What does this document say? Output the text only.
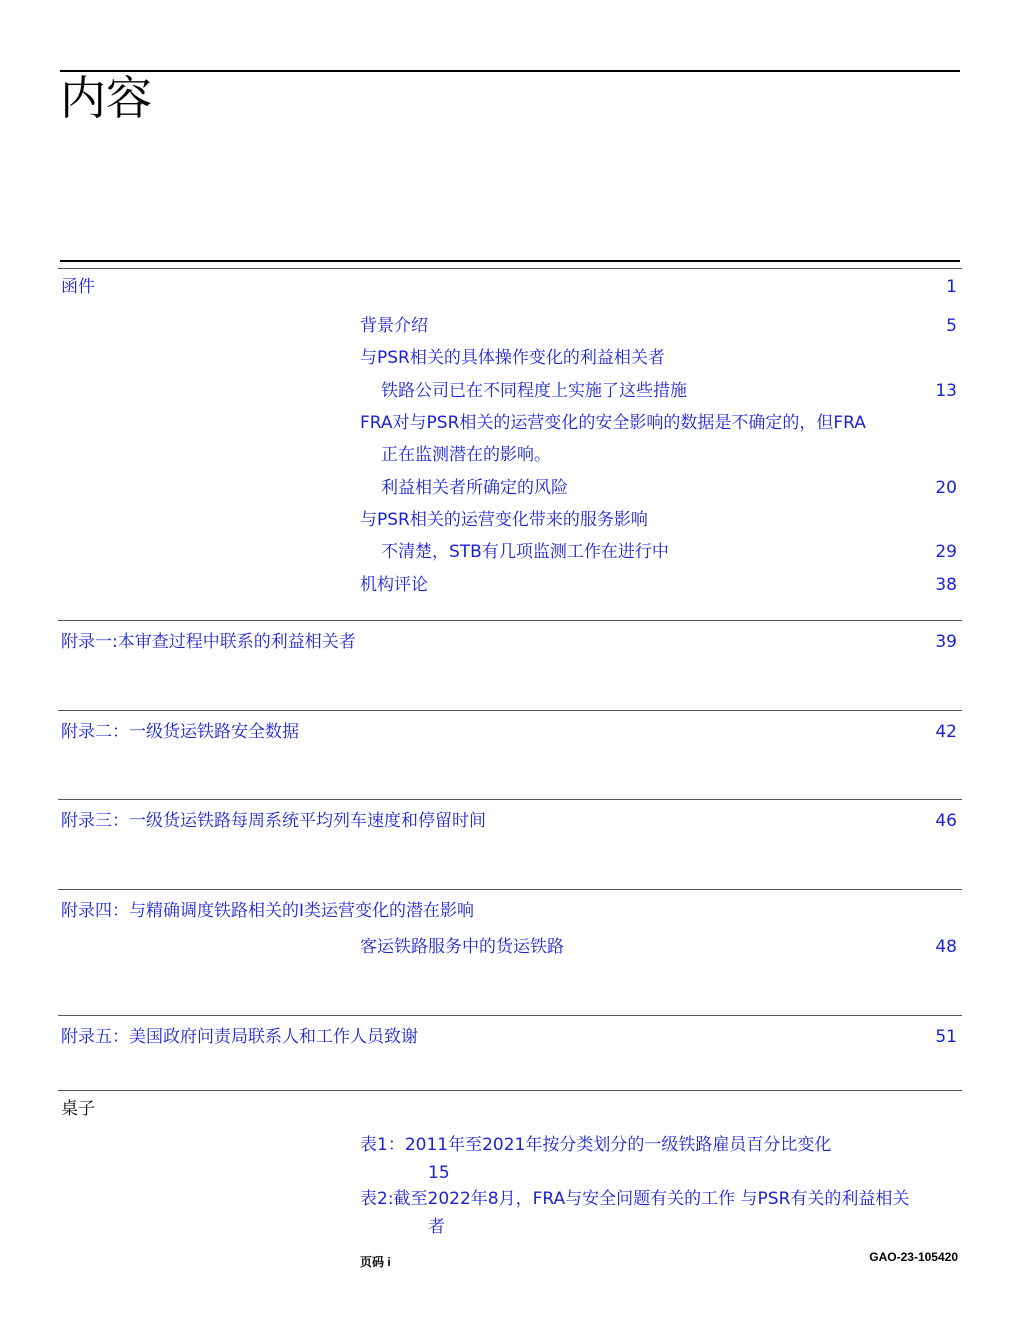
内容
函件	1
背景介绍	5
与PSR相关的具体操作变化的利益相关者
铁路公司已在不同程度上实施了这些措施	13
FRA对与PSR相关的运营变化的安全影响的数据是不确定的，但FRA
正在监测潜在的影响。
利益相关者所确定的风险	20
与PSR相关的运营变化带来的服务影响
不清楚，STB有几项监测工作在进行中	29
机构评论	38
附录一:本审查过程中联系的利益相关者	39
附录二：一级货运铁路安全数据	42
附录三：一级货运铁路每周系统平均列车速度和停留时间	46
附录四：与精确调度铁路相关的I类运营变化的潜在影响
客运铁路服务中的货运铁路	48
附录五：美国政府问责局联系人和工作人员致谢	51
桌子
表1：2011年至2021年按分类划分的一级铁路雇员百分比变化
15
表2:截至2022年8月，FRA与安全问题有关的工作 与PSR有关的利益相关
者
页码 i	GAO-23-105420
